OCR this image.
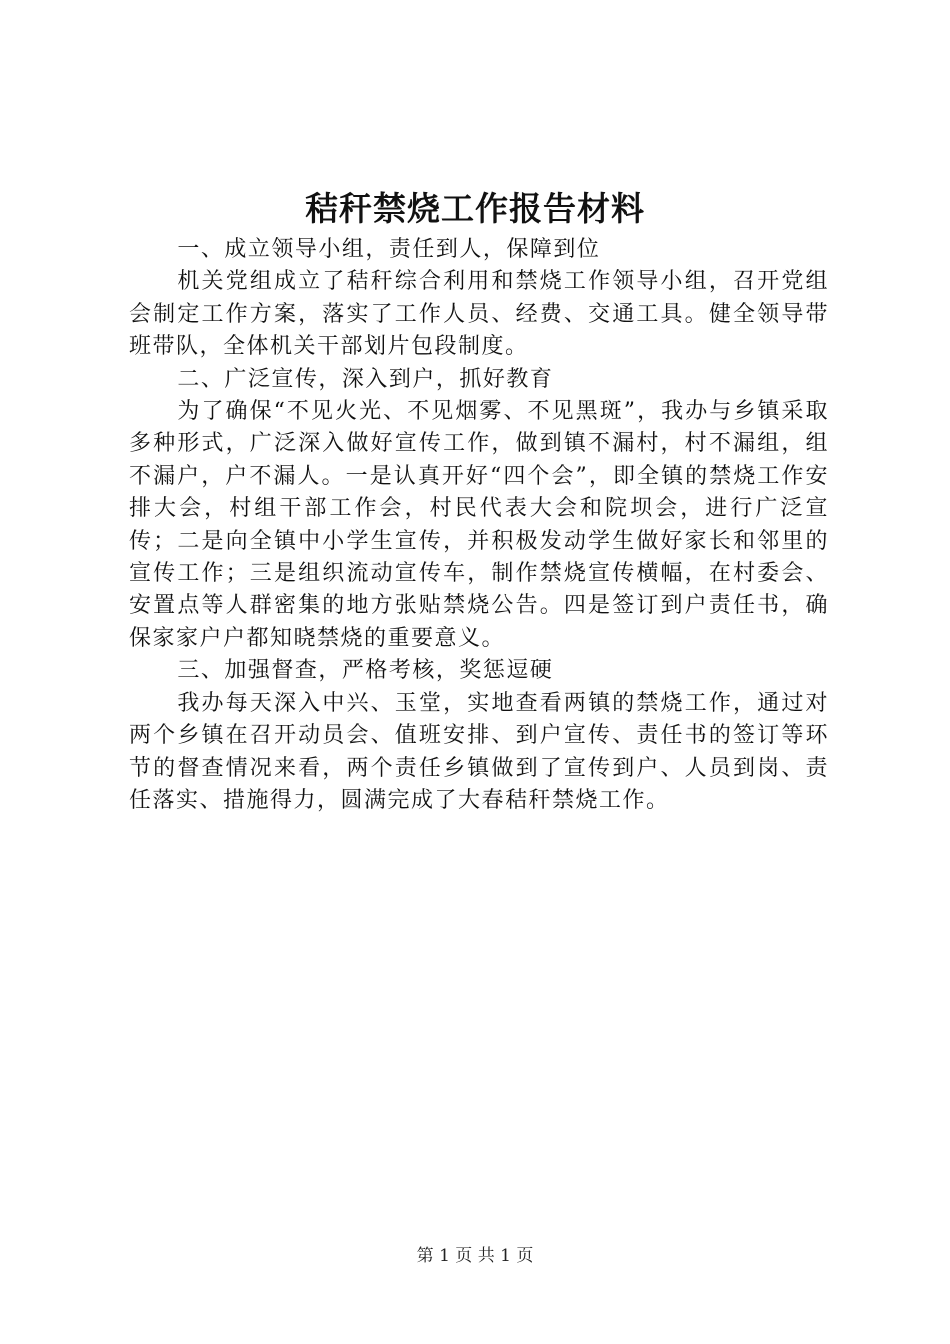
秸秆禁烧工作报告材料

一、成立领导小组，责任到人，保障到位

机关党组成立了秸秆综合利用和禁烧工作领导小组，召开党组会制定工作方案，落实了工作人员、经费、交通工具。健全领导带班带队，全体机关干部划片包段制度。

二、广泛宣传，深入到户，抓好教育

为了确保“不见火光、不见烟雾、不见黑斑”，我办与乡镇采取多种形式，广泛深入做好宣传工作，做到镇不漏村，村不漏组，组不漏户，户不漏人。一是认真开好“四个会”，即全镇的禁烧工作安排大会，村组干部工作会，村民代表大会和院坝会，进行广泛宣传；二是向全镇中小学生宣传，并积极发动学生做好家长和邻里的宣传工作；三是组织流动宣传车，制作禁烧宣传横幅，在村委会、安置点等人群密集的地方张贴禁烧公告。四是签订到户责任书，确保家家户户都知晓禁烧的重要意义。

三、加强督查，严格考核，奖惩逗硬

我办每天深入中兴、玉堂，实地查看两镇的禁烧工作，通过对两个乡镇在召开动员会、值班安排、到户宣传、责任书的签订等环节的督查情况来看，两个责任乡镇做到了宣传到户、人员到岗、责任落实、措施得力，圆满完成了大春秸秆禁烧工作。

第 1 页 共 1 页
